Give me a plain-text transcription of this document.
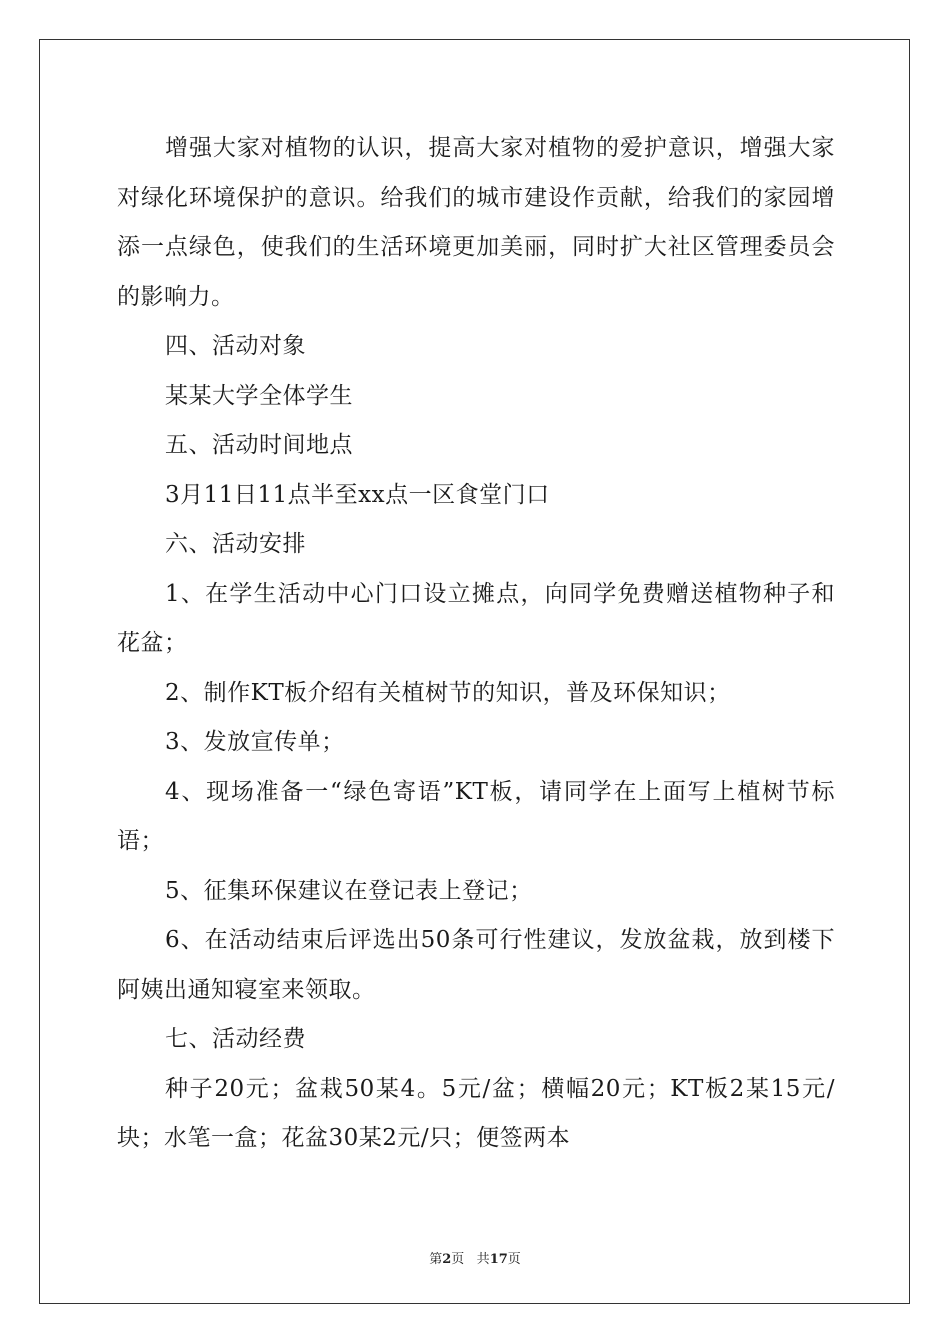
增强大家对植物的认识，提高大家对植物的爱护意识，增强大家对绿化环境保护的意识。给我们的城市建设作贡献，给我们的家园增添一点绿色，使我们的生活环境更加美丽，同时扩大社区管理委员会的影响力。

四、活动对象

某某大学全体学生

五、活动时间地点

3月11日11点半至xx点一区食堂门口

六、活动安排

1、在学生活动中心门口设立摊点，向同学免费赠送植物种子和花盆；

2、制作KT板介绍有关植树节的知识，普及环保知识；

3、发放宣传单；

4、现场准备一“绿色寄语”KT板，请同学在上面写上植树节标语；

5、征集环保建议在登记表上登记；

6、在活动结束后评选出50条可行性建议，发放盆栽，放到楼下阿姨出通知寝室来领取。

七、活动经费

种子20元；盆栽50某4。5元/盆；横幅20元；KT板2某15元/块；水笔一盒；花盆30某2元/只；便签两本

第2页 共17页
